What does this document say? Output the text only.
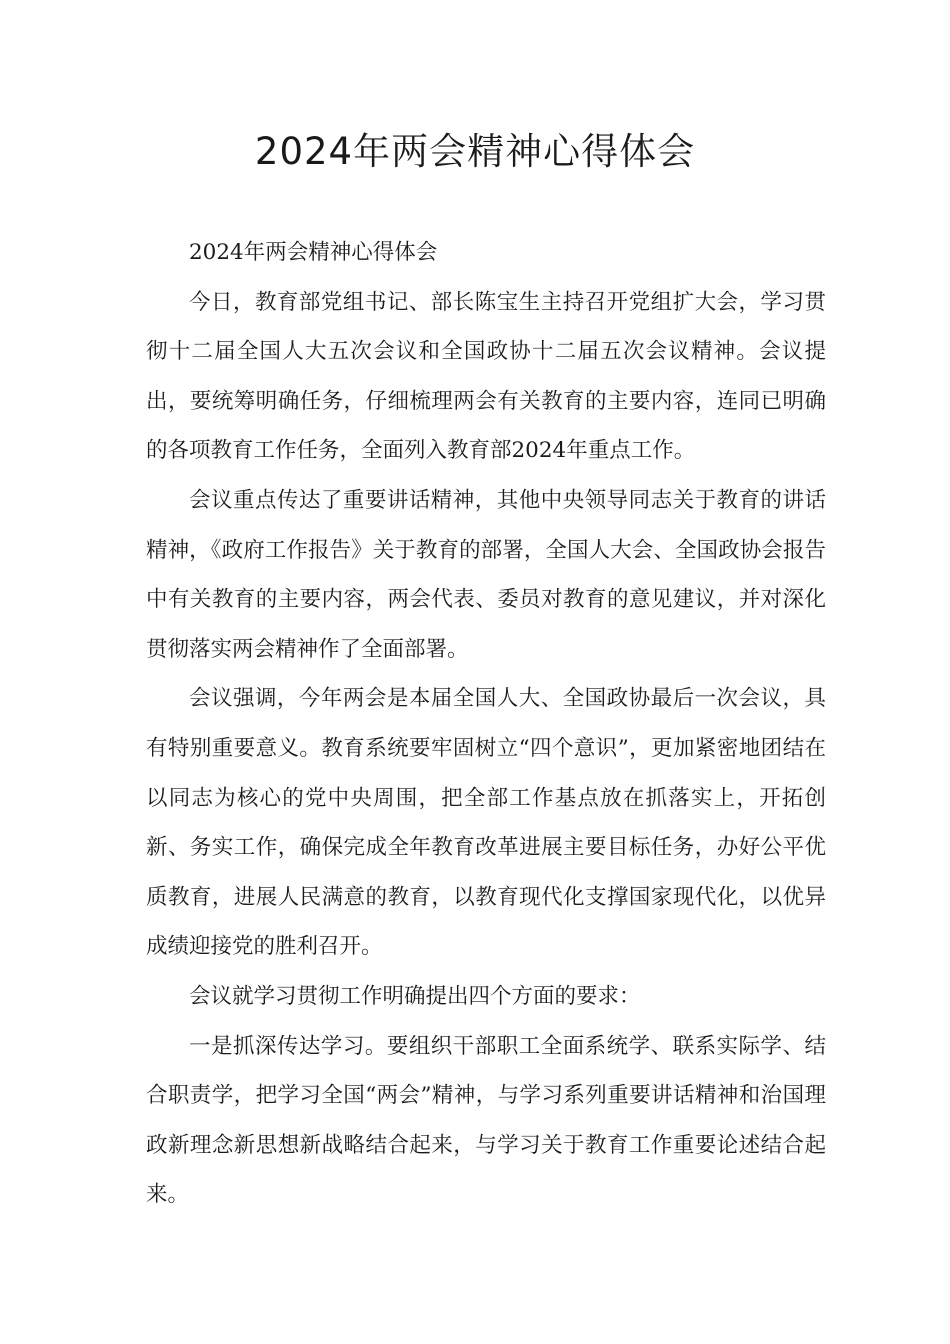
2024年两会精神心得体会

2024年两会精神心得体会

今日，教育部党组书记、部长陈宝生主持召开党组扩大会，学习贯彻十二届全国人大五次会议和全国政协十二届五次会议精神。会议提出，要统筹明确任务，仔细梳理两会有关教育的主要内容，连同已明确的各项教育工作任务，全面列入教育部2024年重点工作。

会议重点传达了重要讲话精神，其他中央领导同志关于教育的讲话精神，《政府工作报告》关于教育的部署，全国人大会、全国政协会报告中有关教育的主要内容，两会代表、委员对教育的意见建议，并对深化贯彻落实两会精神作了全面部署。

会议强调，今年两会是本届全国人大、全国政协最后一次会议，具有特别重要意义。教育系统要牢固树立“四个意识”，更加紧密地团结在以同志为核心的党中央周围，把全部工作基点放在抓落实上，开拓创新、务实工作，确保完成全年教育改革进展主要目标任务，办好公平优质教育，进展人民满意的教育，以教育现代化支撑国家现代化，以优异成绩迎接党的胜利召开。

会议就学习贯彻工作明确提出四个方面的要求：

一是抓深传达学习。要组织干部职工全面系统学、联系实际学、结合职责学，把学习全国“两会”精神，与学习系列重要讲话精神和治国理政新理念新思想新战略结合起来，与学习关于教育工作重要论述结合起来。
